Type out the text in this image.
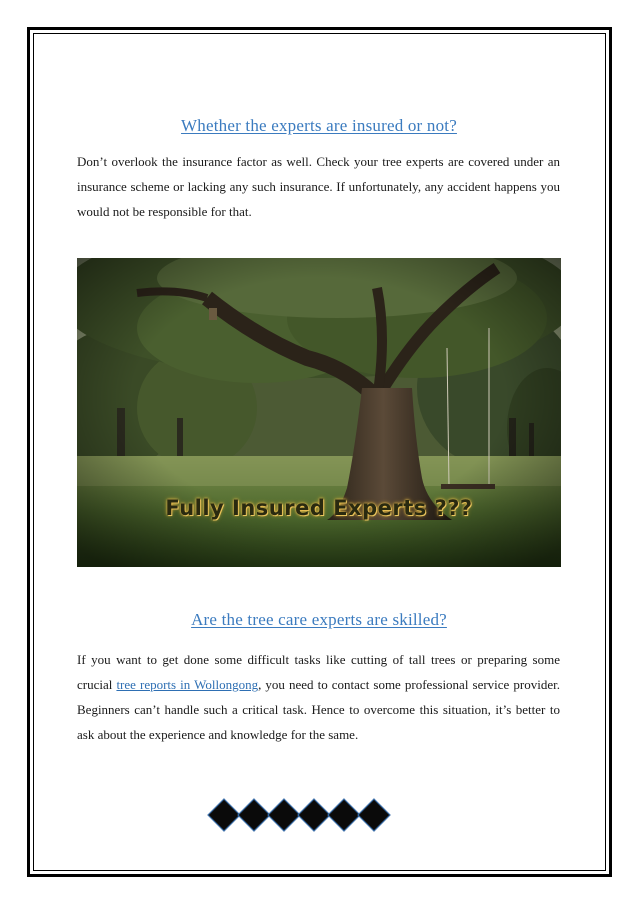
Whether the experts are insured or not?

Don’t overlook the insurance factor as well. Check your tree experts are covered under an insurance scheme or lacking any such insurance. If unfortunately, any accident happens you would not be responsible for that.

Fully Insured Experts ???
Are the tree care experts are skilled?

If you want to get done some difficult tasks like cutting of tall trees or preparing some crucial tree reports in Wollongong, you need to contact some professional service provider. Beginners can’t handle such a critical task. Hence to overcome this situation, it’s better to ask about the experience and knowledge for the same.
